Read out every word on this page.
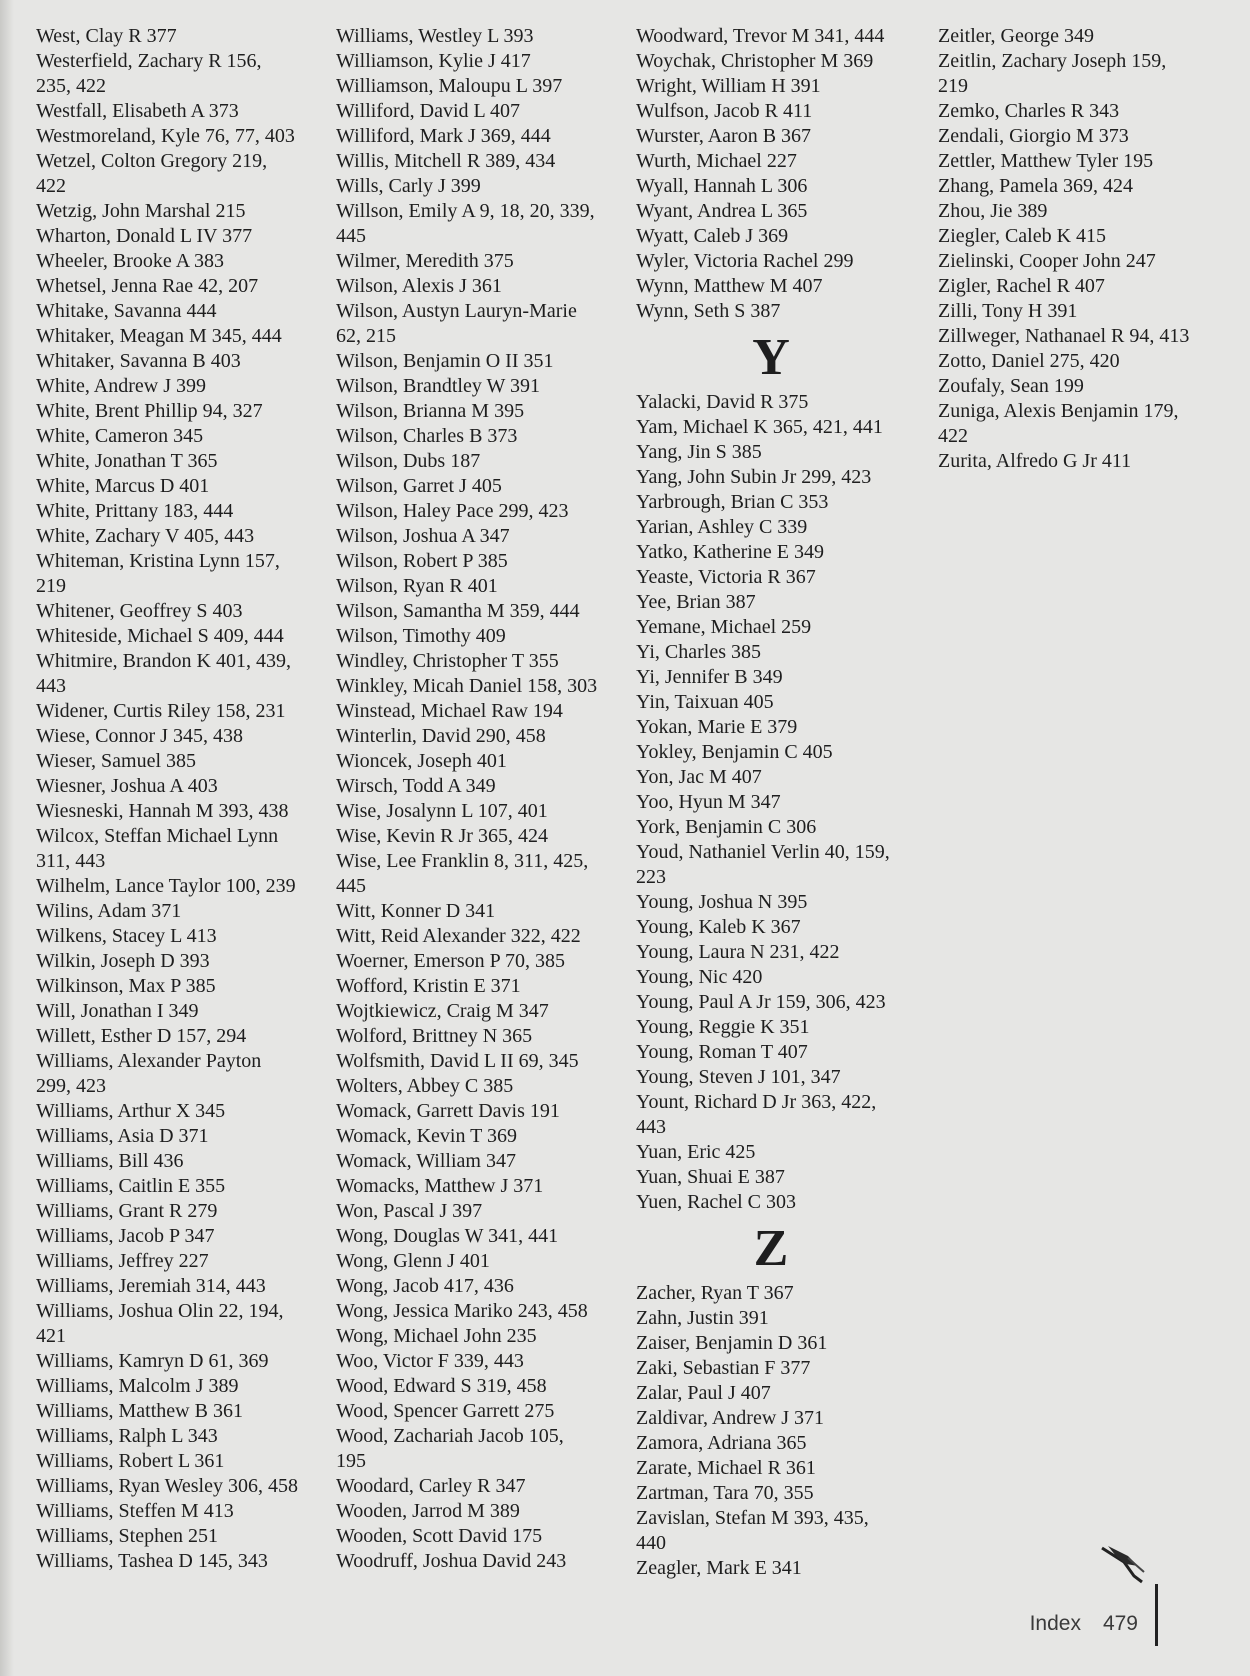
West, Clay R 377
Westerfield, Zachary R 156,
235, 422
Westfall, Elisabeth A 373
Westmoreland, Kyle 76, 77, 403
Wetzel, Colton Gregory 219,
422
Wetzig, John Marshal 215
Wharton, Donald L IV 377
Wheeler, Brooke A 383
Whetsel, Jenna Rae 42, 207
Whitake, Savanna 444
Whitaker, Meagan M 345, 444
Whitaker, Savanna B 403
White, Andrew J 399
White, Brent Phillip 94, 327
White, Cameron 345
White, Jonathan T 365
White, Marcus D 401
White, Prittany 183, 444
White, Zachary V 405, 443
Whiteman, Kristina Lynn 157,
219
Whitener, Geoffrey S 403
Whiteside, Michael S 409, 444
Whitmire, Brandon K 401, 439,
443
Widener, Curtis Riley 158, 231
Wiese, Connor J 345, 438
Wieser, Samuel 385
Wiesner, Joshua A 403
Wiesneski, Hannah M 393, 438
Wilcox, Steffan Michael Lynn
311, 443
Wilhelm, Lance Taylor 100, 239
Wilins, Adam 371
Wilkens, Stacey L 413
Wilkin, Joseph D 393
Wilkinson, Max P 385
Will, Jonathan I 349
Willett, Esther D 157, 294
Williams, Alexander Payton
299, 423
Williams, Arthur X 345
Williams, Asia D 371
Williams, Bill 436
Williams, Caitlin E 355
Williams, Grant R 279
Williams, Jacob P 347
Williams, Jeffrey 227
Williams, Jeremiah 314, 443
Williams, Joshua Olin 22, 194,
421
Williams, Kamryn D 61, 369
Williams, Malcolm J 389
Williams, Matthew B 361
Williams, Ralph L 343
Williams, Robert L 361
Williams, Ryan Wesley 306, 458
Williams, Steffen M 413
Williams, Stephen 251
Williams, Tashea D 145, 343
Williams, Westley L 393
Williamson, Kylie J 417
Williamson, Maloupu L 397
Williford, David L 407
Williford, Mark J 369, 444
Willis, Mitchell R 389, 434
Wills, Carly J 399
Willson, Emily A 9, 18, 20, 339,
445
Wilmer, Meredith 375
Wilson, Alexis J 361
Wilson, Austyn Lauryn-Marie
62, 215
Wilson, Benjamin O II 351
Wilson, Brandtley W 391
Wilson, Brianna M 395
Wilson, Charles B 373
Wilson, Dubs 187
Wilson, Garret J 405
Wilson, Haley Pace 299, 423
Wilson, Joshua A 347
Wilson, Robert P 385
Wilson, Ryan R 401
Wilson, Samantha M 359, 444
Wilson, Timothy 409
Windley, Christopher T 355
Winkley, Micah Daniel 158, 303
Winstead, Michael Raw 194
Winterlin, David 290, 458
Wioncek, Joseph 401
Wirsch, Todd A 349
Wise, Josalynn L 107, 401
Wise, Kevin R Jr 365, 424
Wise, Lee Franklin 8, 311, 425,
445
Witt, Konner D 341
Witt, Reid Alexander 322, 422
Woerner, Emerson P 70, 385
Wofford, Kristin E 371
Wojtkiewicz, Craig M 347
Wolford, Brittney N 365
Wolfsmith, David L II 69, 345
Wolters, Abbey C 385
Womack, Garrett Davis 191
Womack, Kevin T 369
Womack, William 347
Womacks, Matthew J 371
Won, Pascal J 397
Wong, Douglas W 341, 441
Wong, Glenn J 401
Wong, Jacob 417, 436
Wong, Jessica Mariko 243, 458
Wong, Michael John 235
Woo, Victor F 339, 443
Wood, Edward S 319, 458
Wood, Spencer Garrett 275
Wood, Zachariah Jacob 105,
195
Woodard, Carley R 347
Wooden, Jarrod M 389
Wooden, Scott David 175
Woodruff, Joshua David 243
Woodward, Trevor M 341, 444
Woychak, Christopher M 369
Wright, William H 391
Wulfson, Jacob R 411
Wurster, Aaron B 367
Wurth, Michael 227
Wyall, Hannah L 306
Wyant, Andrea L 365
Wyatt, Caleb J 369
Wyler, Victoria Rachel 299
Wynn, Matthew M 407
Wynn, Seth S 387
Y
Yalacki, David R 375
Yam, Michael K 365, 421, 441
Yang, Jin S 385
Yang, John Subin Jr 299, 423
Yarbrough, Brian C 353
Yarian, Ashley C 339
Yatko, Katherine E 349
Yeaste, Victoria R 367
Yee, Brian 387
Yemane, Michael 259
Yi, Charles 385
Yi, Jennifer B 349
Yin, Taixuan 405
Yokan, Marie E 379
Yokley, Benjamin C 405
Yon, Jac M 407
Yoo, Hyun M 347
York, Benjamin C 306
Youd, Nathaniel Verlin 40, 159,
223
Young, Joshua N 395
Young, Kaleb K 367
Young, Laura N 231, 422
Young, Nic 420
Young, Paul A Jr 159, 306, 423
Young, Reggie K 351
Young, Roman T 407
Young, Steven J 101, 347
Yount, Richard D Jr 363, 422,
443
Yuan, Eric 425
Yuan, Shuai E 387
Yuen, Rachel C 303
Z
Zacher, Ryan T 367
Zahn, Justin 391
Zaiser, Benjamin D 361
Zaki, Sebastian F 377
Zalar, Paul J 407
Zaldivar, Andrew J 371
Zamora, Adriana 365
Zarate, Michael R 361
Zartman, Tara 70, 355
Zavislan, Stefan M 393, 435,
440
Zeagler, Mark E 341
Zeitler, George 349
Zeitlin, Zachary Joseph 159,
219
Zemko, Charles R 343
Zendali, Giorgio M 373
Zettler, Matthew Tyler 195
Zhang, Pamela 369, 424
Zhou, Jie 389
Ziegler, Caleb K 415
Zielinski, Cooper John 247
Zigler, Rachel R 407
Zilli, Tony H 391
Zillweger, Nathanael R 94, 413
Zotto, Daniel 275, 420
Zoufaly, Sean 199
Zuniga, Alexis Benjamin 179,
422
Zurita, Alfredo G Jr 411
Index 479
